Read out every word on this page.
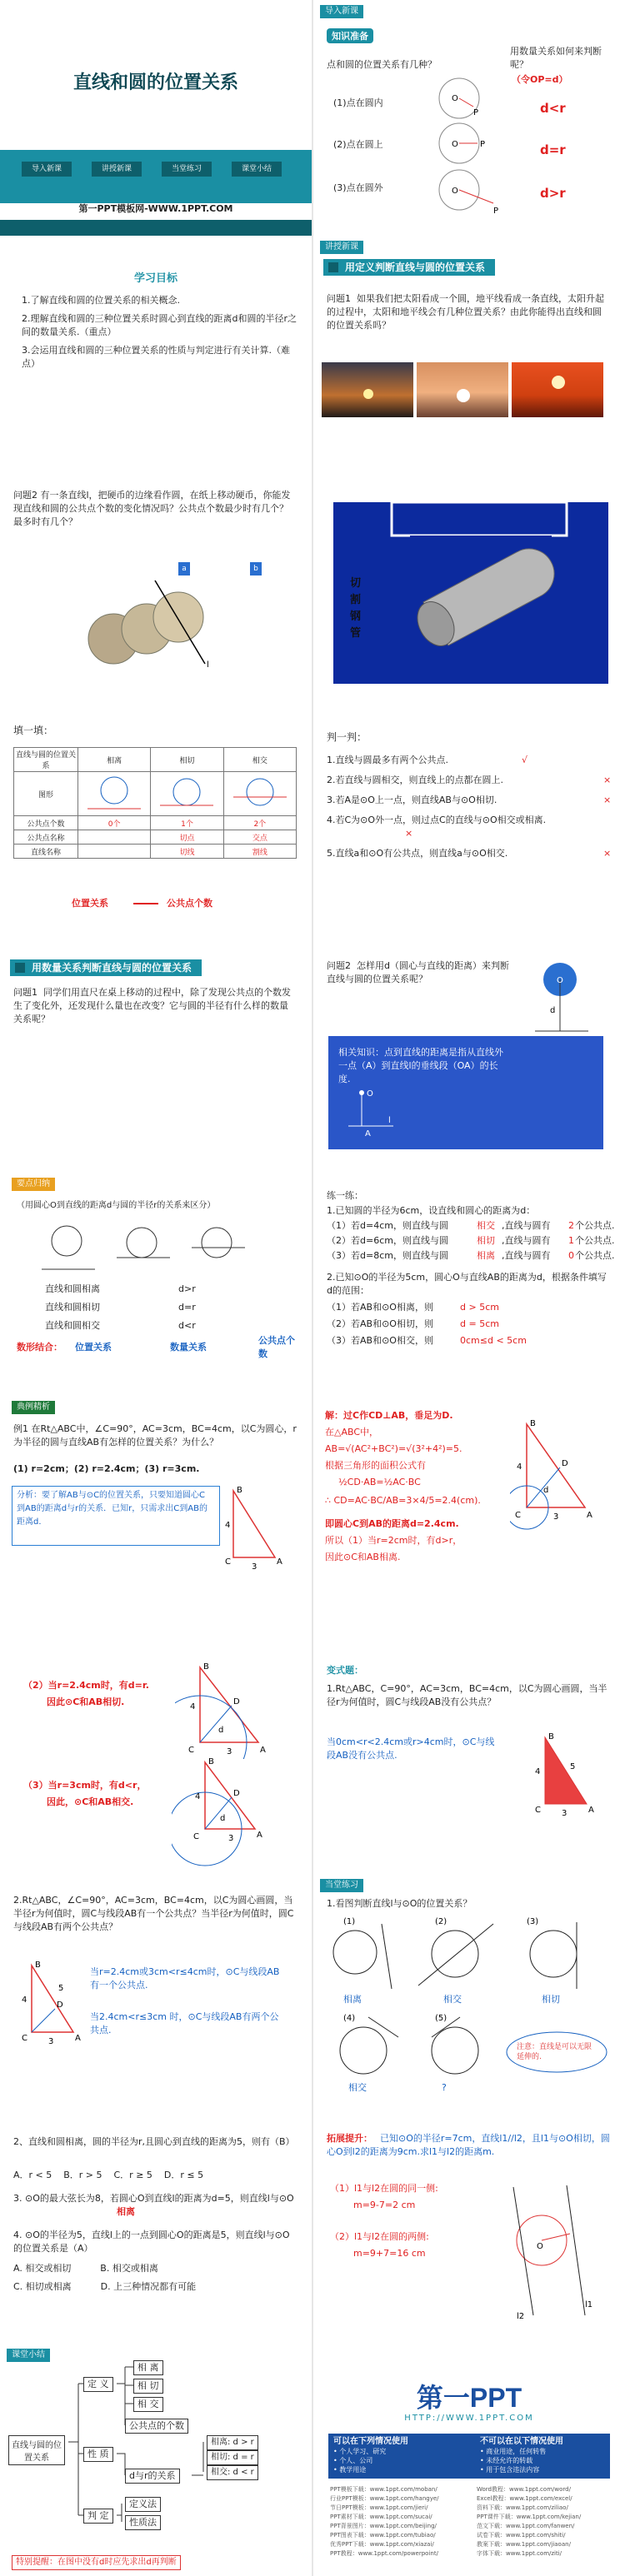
直线和圆的位置关系
导入新课	讲授新课	当堂练习	课堂小结
第一PPT模板网-WWW.1PPT.COM
导入新课
知识准备
点和圆的位置关系有几种？
用数量关系如何来判断呢？
（令OP=d）
(1)点在圆内
(2)点在圆上
(3)点在圆外
O
P
O	P
O
P
d<r
d=r
d>r
学习目标
1.了解直线和圆的位置关系的相关概念.
2.理解直线和圆的三种位置关系时圆心到直线的距离d和圆的半径r之间的数量关系.（重点）
3.会运用直线和圆的三种位置关系的性质与判定进行有关计算.（难点）
讲授新课
用定义判断直线与圆的位置关系
问题1  如果我们把太阳看成一个圆，地平线看成一条直线，太阳升起的过程中，太阳和地平线会有几种位置关系？由此你能得出直线和圆的位置关系吗？
问题2 有一条直线l，把硬币的边缘看作圆，在纸上移动硬币，你能发现直线和圆的公共点个数的变化情况吗？公共点个数最少时有几个？最多时有几个？
a	b
l
切 割 钢 管
填一填：
直线与圆的位置关系	相离	相切	相交
图形			
公共点个数	0个	1个	2个
公共点名称		切点	交点
直线名称		切线	割线
位置关系	公共点个数
判一判：
1.直线与圆最多有两个公共点.	√
2.若直线与圆相交，则直线上的点都在圆上.	×
3.若A是⊙O上一点，则直线AB与⊙O相切.	×
4.若C为⊙O外一点，则过点C的直线与⊙O相交或相离.
×
5.直线a和⊙O有公共点，则直线a与⊙O相交.	×
用数量关系判断直线与圆的位置关系
问题1  同学们用直尺在桌上移动的过程中，除了发现公共点的个数发生了变化外，还发现什么量也在改变？它与圆的半径有什么样的数量关系呢？
问题2  怎样用d（圆心与直线的距离）来判断直线与圆的位置关系呢？	O
d
相关知识：点到直线的距离是指从直线外一点（A）到直线l的垂线段（OA）的长度.
O
A
l
要点归纳
（用圆心O到直线的距离d与圆的半径r的关系来区分）
直线和圆相离
直线和圆相切
直线和圆相交
d>r
d=r
d<r
数形结合： 位置关系	数量关系
公共点个数
练一练：
1.已知圆的半径为6cm，设直线和圆心的距离为d：
（1）若d=4cm，则直线与圆	相交 ,直线与圆有 2 个公共点.
（2）若d=6cm，则直线与圆	相切 ,直线与圆有 1 个公共点.
（3）若d=8cm，则直线与圆	相离 ,直线与圆有 0 个公共点.
2.已知⊙O的半径为5cm，圆心O与直线AB的距离为d，根据条件填写d的范围：
（1）若AB和⊙O相离，则	d > 5cm
（2）若AB和⊙O相切，则	d = 5cm
（3）若AB和⊙O相交，则	0cm≤d < 5cm
典例精析
例1 在Rt△ABC中，∠C=90°，AC=3cm，BC=4cm，以C为圆心，r为半径的圆与直线AB有怎样的位置关系？为什么？
(1) r=2cm；(2) r=2.4cm；(3) r=3cm.
分析：要了解AB与⊙C的位置关系，只要知道圆心C到AB的距离d与r的关系．已知r，只需求出C到AB的距离d．
B
C	A
4
3
解：过C作CD⊥AB，垂足为D.
在△ABC中，
AB=√(AC²+BC²)=√(3²+4²)=5.
根据三角形的面积公式有
½CD·AB=½AC·BC
∴ CD=AC·BC/AB=3×4/5=2.4(cm).
即圆心C到AB的距离d=2.4cm.
所以（1）当r=2cm时，有d>r，
因此⊙C和AB相离.
B
C	A
D
d
4
3
（2）当r=2.4cm时，有d=r.
因此⊙C和AB相切.
（3）当r=3cm时，有d<r，
因此，⊙C和AB相交.
B
C	A
D
d
4
3
B
C	A
D
d
4
3
变式题：
1.Rt△ABC，C=90°，AC=3cm，BC=4cm，以C为圆心画圆，当半径r为何值时，圆C与线段AB没有公共点？
当0cm<r<2.4cm或r>4cm时，⊙C与线段AB没有公共点.
B
C	A
4
3
5
2.Rt△ABC，∠C=90°，AC=3cm，BC=4cm，以C为圆心画圆，当半径r为何值时，圆C与线段AB有一个公共点？当半径r为何值时，圆C与线段AB有两个公共点？
B
C	A
D
4
3
5
当r=2.4cm或3cm<r≤4cm时，⊙C与线段AB有一个公共点.
当2.4cm<r≤3cm 时，⊙C与线段AB有两个公共点.
当堂练习
1.看图判断直线l与⊙O的位置关系？
(1)
相离
(2)
相交
(3)
相切
(4)
相交
(5)
?
注意：直线是可以无限延伸的.
2、直线和圆相离，圆的半径为r,且圆心到直线的距离为5，则有（B）
A．r < 5    B．r > 5    C．r ≥ 5    D．r ≤ 5
3. ⊙O的最大弦长为8，若圆心O到直线l的距离为d=5，则直线l与⊙O
相离
4. ⊙O的半径为5，直线l上的一点到圆心O的距离是5，则直线l与⊙O的位置关系是（A）
A. 相交或相切          B. 相交或相离
C. 相切或相离          D. 上三种情况都有可能
拓展提升： 已知⊙O的半径r=7cm，直线l1//l2，且l1与⊙O相切，圆心O到l2的距离为9cm.求l1与l2的距离m.
（1）l1与l2在圆的同一侧:
m=9-7=2 cm
（2）l1与l2在圆的两侧:
m=9+7=16 cm
O
l1
l2
课堂小结
直线与圆的位置关系
定 义
性 质
判 定
相 离
相 切
相 交
公共点的个数
d与r的关系
相离: d > r
相切: d = r
相交: d < r
定义法
性质法
特别提醒：在图中没有d时应先求出d再判断
第一PPT
HTTP://WWW.1PPT.COM
可以在下列情况使用	不可以在以下情况使用
• 个人学习、研究
• 个人、公司
• 教学用途
• 商业用途，任何转售
• 未经允许的转载
• 用于包含违法内容
PPT模板下载：www.1ppt.com/moban/
行业PPT模板：www.1ppt.com/hangye/
节日PPT模板：www.1ppt.com/jieri/
PPT素材下载：www.1ppt.com/sucai/
PPT背景图片：www.1ppt.com/beijing/
PPT图表下载：www.1ppt.com/tubiao/
优秀PPT下载：www.1ppt.com/xiazai/
PPT教程：www.1ppt.com/powerpoint/
Word教程：www.1ppt.com/word/
Excel教程：www.1ppt.com/excel/
资料下载：www.1ppt.com/ziliao/
PPT课件下载：www.1ppt.com/kejian/
范文下载：www.1ppt.com/fanwen/
试卷下载：www.1ppt.com/shiti/
教案下载：www.1ppt.com/jiaoan/
字体下载：www.1ppt.com/ziti/
